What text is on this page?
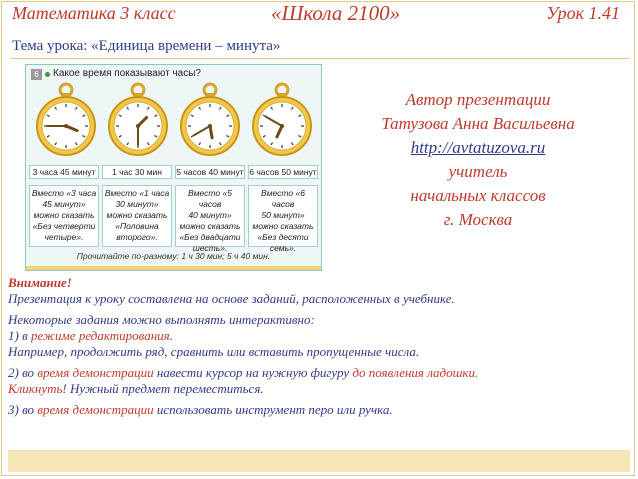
Математика 3 класс	«Школа 2100»	Урок 1.41
Тема урока: «Единица времени – минута»
6	Какое время показывают часы?
3 часа 45 минут	1 час 30 мин	5 часов 40 минут 6 часов 50 минут
Вместо «3 часа
45 минут»
можно сказать
«Без четверти
четыре».
Вместо «1 часа
30 минут»
можно сказать
«Половина
второго».
Вместо «5 часов
40 минут»
можно сказать
«Без двадцати
шесть».
Вместо «6 часов
50 минут»
можно сказать
«Без десяти
семь».
Прочитайте по-разному: 1 ч 30 мин; 5 ч 40 мин.
Автор презентации
Татузова Анна Васильевна
http://avtatuzova.ru
учитель
начальных классов
г. Москва

Внимание!

Презентация к уроку составлена на основе заданий, расположенных в учебнике.

Некоторые задания можно выполнять интерактивно:

1) в режиме редактирования.

Например, продолжить ряд, сравнить или вставить пропущенные числа.

2) во время демонстрации навести курсор на нужную фигуру до появления ладошки.

Кликнуть! Нужный предмет переместиться.

3) во время демонстрации использовать инструмент перо или ручка.
